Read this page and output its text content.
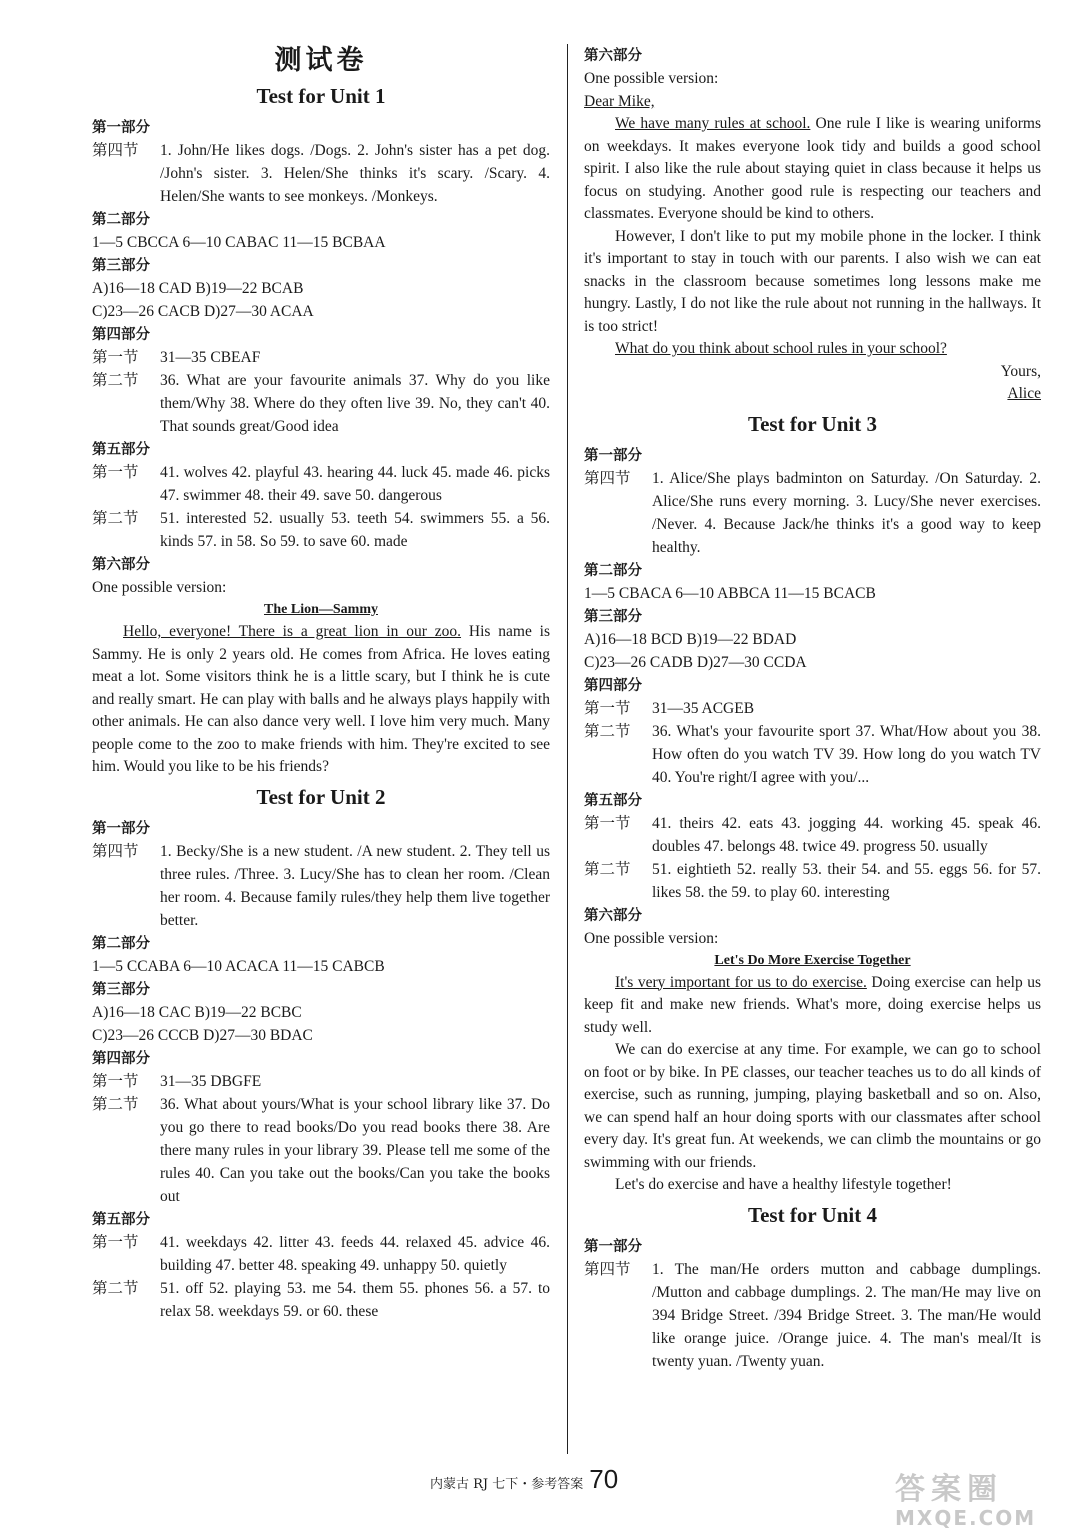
测试卷
Test for Unit 1
第一部分
第四节	1. John/He likes dogs. /Dogs. 2. John's sister has a pet dog. /John's sister. 3. Helen/She thinks it's scary. /Scary. 4. Helen/She wants to see monkeys. /Monkeys.
第二部分
1—5 CBCCA 6—10 CABAC 11—15 BCBAA
第三部分
A)16—18 CAD B)19—22 BCAB
C)23—26 CACB D)27—30 ACAA
第四部分
第一节	31—35 CBEAF
第二节	36. What are your favourite animals 37. Why do you like them/Why 38. Where do they often live 39. No, they can't 40. That sounds great/Good idea
第五部分
第一节	41. wolves 42. playful 43. hearing 44. luck 45. made 46. picks 47. swimmer 48. their 49. save 50. dangerous
第二节	51. interested 52. usually 53. teeth 54. swimmers 55. a 56. kinds 57. in 58. So 59. to save 60. made
第六部分
One possible version:
The Lion—Sammy
Hello, everyone! There is a great lion in our zoo. His name is Sammy. He is only 2 years old. He comes from Africa. He loves eating meat a lot. Some visitors think he is a little scary, but I think he is cute and really smart. He can play with balls and he always plays happily with other animals. He can also dance very well. I love him very much. Many people come to the zoo to make friends with him. They're excited to see him. Would you like to be his friends?
Test for Unit 2
第一部分
第四节	1. Becky/She is a new student. /A new student. 2. They tell us three rules. /Three. 3. Lucy/She has to clean her room. /Clean her room. 4. Because family rules/they help them live together better.
第二部分
1—5 CCABA 6—10 ACACA 11—15 CABCB
第三部分
A)16—18 CAC B)19—22 BCBC
C)23—26 CCCB D)27—30 BDAC
第四部分
第一节	31—35 DBGFE
第二节	36. What about yours/What is your school library like 37. Do you go there to read books/Do you read books there 38. Are there many rules in your library 39. Please tell me some of the rules 40. Can you take out the books/Can you take the books out
第五部分
第一节	41. weekdays 42. litter 43. feeds 44. relaxed 45. advice 46. building 47. better 48. speaking 49. unhappy 50. quietly
第二节	51. off 52. playing 53. me 54. them 55. phones 56. a 57. to relax 58. weekdays 59. or 60. these
第六部分
One possible version:
Dear Mike,
We have many rules at school. One rule I like is wearing uniforms on weekdays. It makes everyone look tidy and builds a good school spirit. I also like the rule about staying quiet in class because it helps us focus on studying. Another good rule is respecting our teachers and classmates. Everyone should be kind to others.
However, I don't like to put my mobile phone in the locker. I think it's important to stay in touch with our parents. I also wish we can eat snacks in the classroom because sometimes long lessons make me hungry. Lastly, I do not like the rule about not running in the hallways. It is too strict!
What do you think about school rules in your school?
Yours,
Alice
Test for Unit 3
第一部分
第四节	1. Alice/She plays badminton on Saturday. /On Saturday. 2. Alice/She runs every morning. 3. Lucy/She never exercises. /Never. 4. Because Jack/he thinks it's a good way to keep healthy.
第二部分
1—5 CBACA 6—10 ABBCA 11—15 BCACB
第三部分
A)16—18 BCD B)19—22 BDAD
C)23—26 CADB D)27—30 CCDA
第四部分
第一节	31—35 ACGEB
第二节	36. What's your favourite sport 37. What/How about you 38. How often do you watch TV 39. How long do you watch TV 40. You're right/I agree with you/...
第五部分
第一节	41. theirs 42. eats 43. jogging 44. working 45. speak 46. doubles 47. belongs 48. twice 49. progress 50. usually
第二节	51. eightieth 52. really 53. their 54. and 55. eggs 56. for 57. likes 58. the 59. to play 60. interesting
第六部分
One possible version:
Let's Do More Exercise Together
It's very important for us to do exercise. Doing exercise can help us keep fit and make new friends. What's more, doing exercise helps us study well.
We can do exercise at any time. For example, we can go to school on foot or by bike. In PE classes, our teacher teaches us to do all kinds of exercise, such as running, jumping, playing basketball and so on. Also, we can spend half an hour doing sports with our classmates after school every day. It's great fun. At weekends, we can climb the mountains or go swimming with our friends.
Let's do exercise and have a healthy lifestyle together!
Test for Unit 4
第一部分
第四节	1. The man/He orders mutton and cabbage dumplings. /Mutton and cabbage dumplings. 2. The man/He may live on 394 Bridge Street. /394 Bridge Street. 3. The man/He would like orange juice. /Orange juice. 4. The man's meal/It is twenty yuan. /Twenty yuan.
内蒙古 RJ 七下・参考答案 70	答案圈
MXQE.COM
